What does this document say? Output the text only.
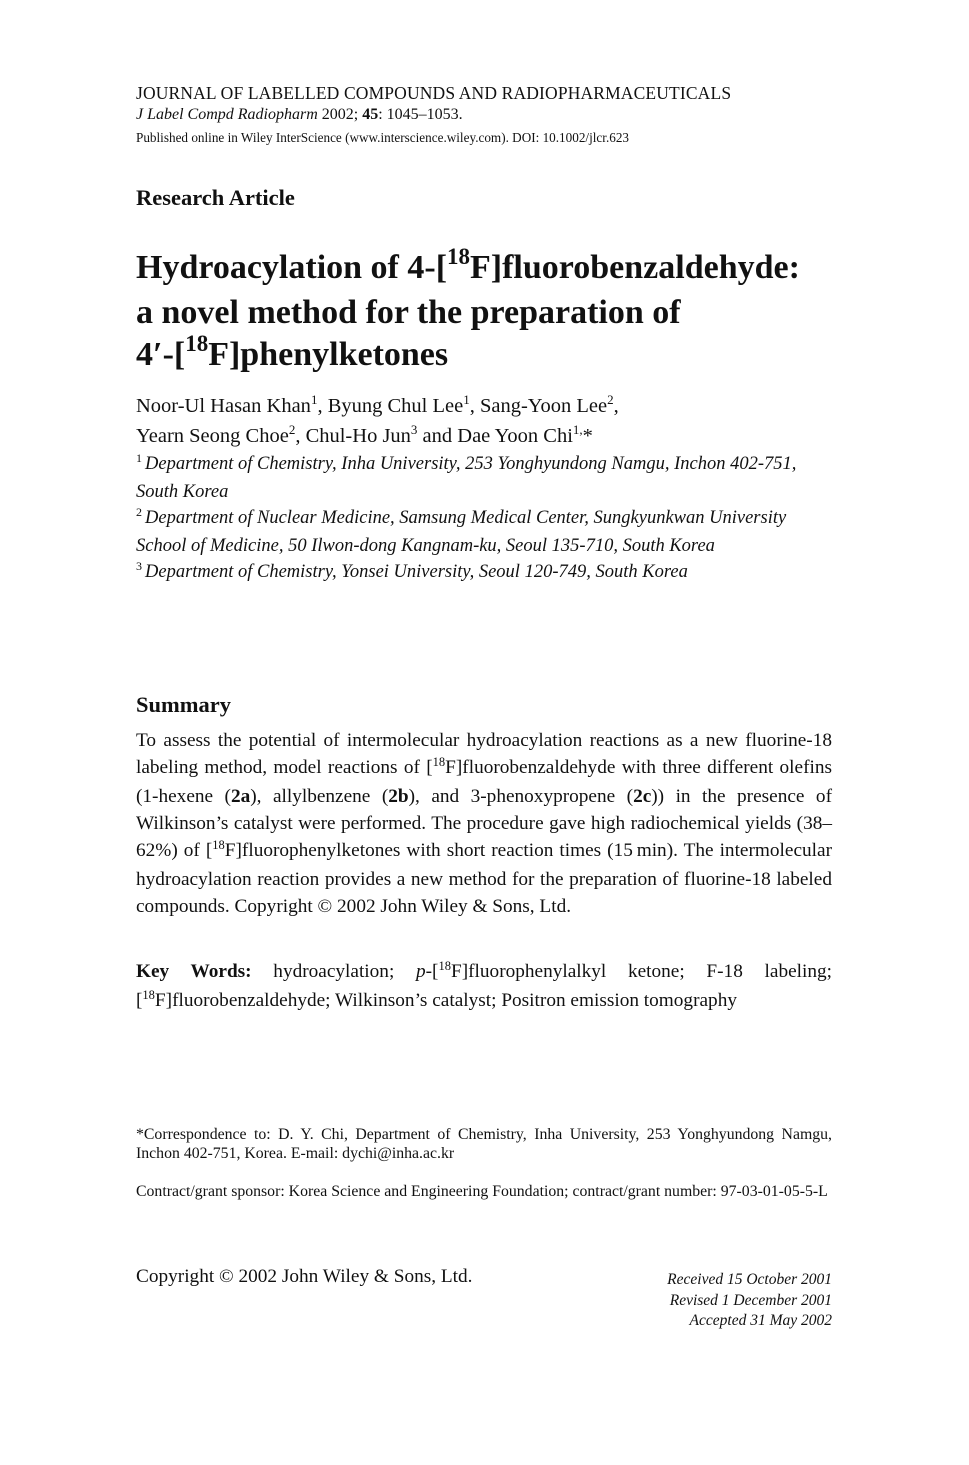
JOURNAL OF LABELLED COMPOUNDS AND RADIOPHARMACEUTICALS
J Label Compd Radiopharm 2002; 45: 1045–1053.
Published online in Wiley InterScience (www.interscience.wiley.com). DOI: 10.1002/jlcr.623
Research Article
Hydroacylation of 4-[$^{18}$F]fluorobenzaldehyde:
a novel method for the preparation of
4′-[$^{18}$F]phenylketones
Noor-Ul Hasan Khan$^1$, Byung Chul Lee$^1$, Sang-Yoon Lee$^2$,
Yearn Seong Choe$^2$, Chul-Ho Jun$^3$ and Dae Yoon Chi$^{1,}$*
$^1$ Department of Chemistry, Inha University, 253 Yonghyundong Namgu, Inchon 402-751, South Korea
$^2$ Department of Nuclear Medicine, Samsung Medical Center, Sungkyunkwan University School of Medicine, 50 Ilwon-dong Kangnam-ku, Seoul 135-710, South Korea
$^3$ Department of Chemistry, Yonsei University, Seoul 120-749, South Korea
Summary
To assess the potential of intermolecular hydroacylation reactions as a new fluorine-18 labeling method, model reactions of [$^{18}$F]fluorobenzaldehyde with three different olefins (1-hexene (2a), allylbenzene (2b), and 3-phenoxypropene (2c)) in the presence of Wilkinson’s catalyst were performed. The procedure gave high radiochemical yields (38–62%) of [$^{18}$F]fluorophenylketones with short reaction times (15 min). The intermolecular hydroacylation reaction provides a new method for the preparation of fluorine-18 labeled compounds. Copyright © 2002 John Wiley & Sons, Ltd.
Key Words: hydroacylation; p-[$^{18}$F]fluorophenylalkyl ketone; F-18 labeling; [$^{18}$F]fluorobenzaldehyde; Wilkinson’s catalyst; Positron emission tomography
*Correspondence to: D. Y. Chi, Department of Chemistry, Inha University, 253 Yonghyundong Namgu, Inchon 402-751, Korea. E-mail: dychi@inha.ac.kr
Contract/grant sponsor: Korea Science and Engineering Foundation; contract/grant number: 97-03-01-05-5-L
Copyright © 2002 John Wiley & Sons, Ltd.	Received 15 October 2001
Revised 1 December 2001
Accepted 31 May 2002
